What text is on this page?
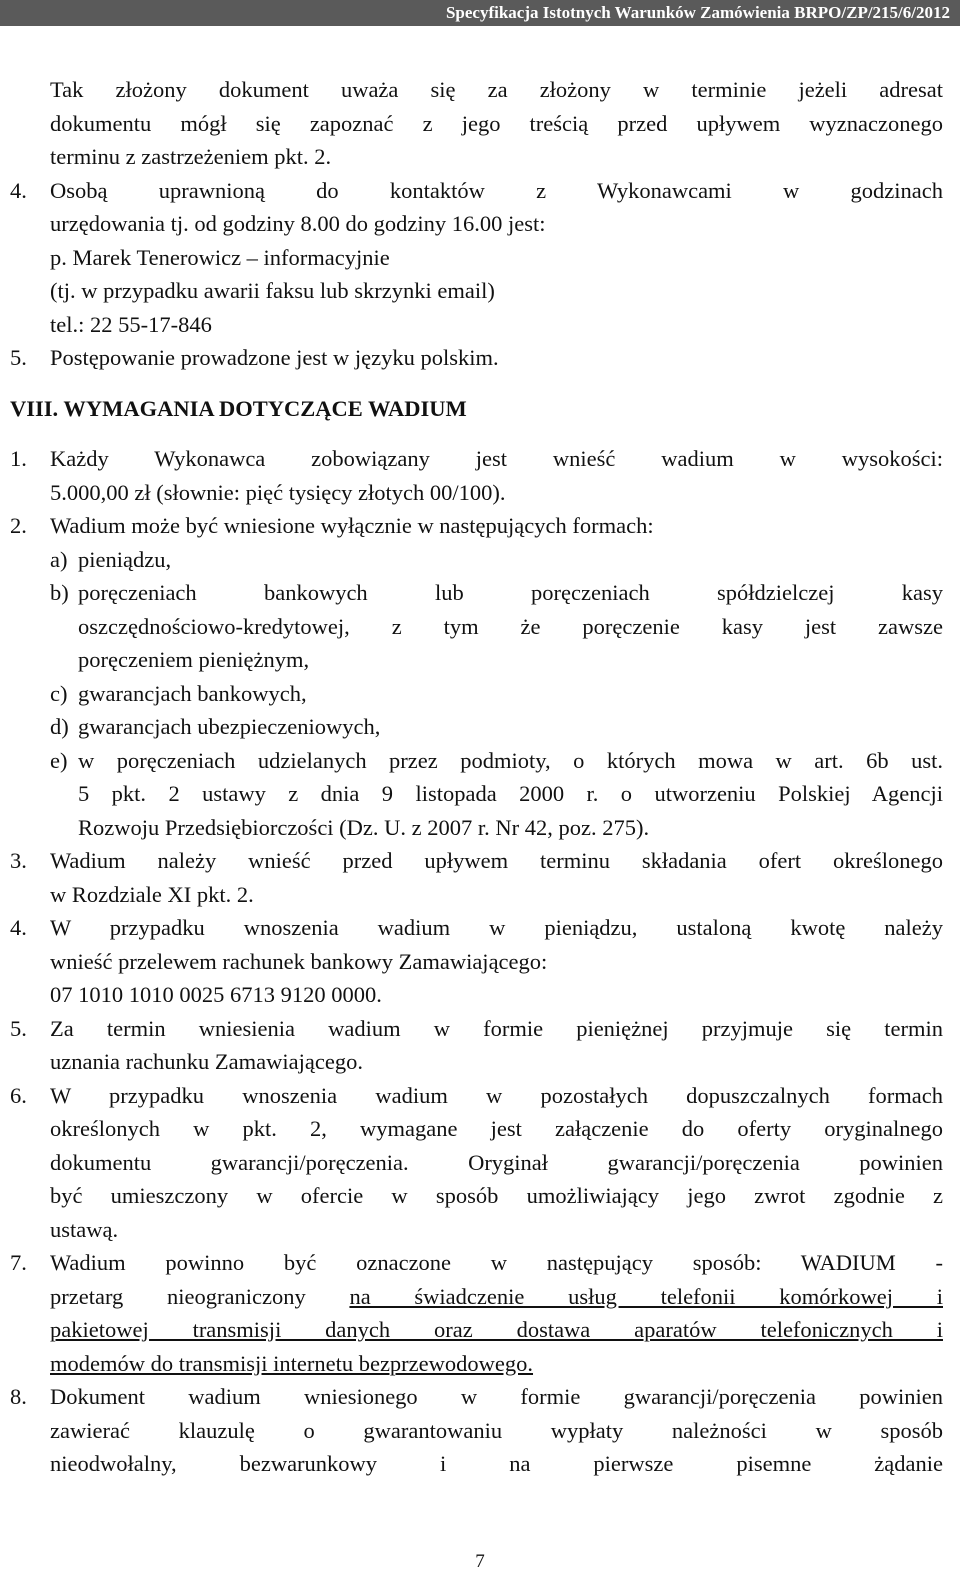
Specyfikacja Istotnych Warunków Zamówienia BRPO/ZP/215/6/2012
Tak złożony dokument uważa się za złożony w terminie jeżeli adresat
dokumentu mógł się zapoznać z jego treścią przed upływem wyznaczonego
terminu z zastrzeżeniem pkt. 2.
4. Osobą uprawnioną do kontaktów z Wykonawcami w godzinach
urzędowania tj. od godziny 8.00 do godziny 16.00 jest:
p. Marek Tenerowicz – informacyjnie
(tj. w przypadku awarii faksu lub skrzynki email)
tel.: 22 55-17-846
5. Postępowanie prowadzone jest w języku polskim.
VIII. WYMAGANIA DOTYCZĄCE WADIUM
1. Każdy Wykonawca zobowiązany jest wnieść wadium w wysokości:
5.000,00 zł (słownie: pięć tysięcy złotych 00/100).
2. Wadium może być wniesione wyłącznie w następujących formach:
a) pieniądzu,
b) poręczeniach bankowych lub poręczeniach spółdzielczej kasy
oszczędnościowo-kredytowej, z tym że poręczenie kasy jest zawsze
poręczeniem pieniężnym,
c) gwarancjach bankowych,
d) gwarancjach ubezpieczeniowych,
e) w poręczeniach udzielanych przez podmioty, o których mowa w art. 6b ust.
5 pkt. 2 ustawy z dnia 9 listopada 2000 r. o utworzeniu Polskiej Agencji
Rozwoju Przedsiębiorczości (Dz. U. z 2007 r. Nr 42, poz. 275).
3. Wadium należy wnieść przed upływem terminu składania ofert określonego
w Rozdziale XI pkt. 2.
4. W przypadku wnoszenia wadium w pieniądzu, ustaloną kwotę należy
wnieść przelewem rachunek bankowy Zamawiającego:
07 1010 1010 0025 6713 9120 0000.
5. Za termin wniesienia wadium w formie pieniężnej przyjmuje się termin
uznania rachunku Zamawiającego.
6. W przypadku wnoszenia wadium w pozostałych dopuszczalnych formach
określonych w pkt. 2, wymagane jest załączenie do oferty oryginalnego
dokumentu gwarancji/poręczenia. Oryginał gwarancji/poręczenia powinien
być umieszczony w ofercie w sposób umożliwiający jego zwrot zgodnie z
ustawą.
7. Wadium powinno być oznaczone w następujący sposób: WADIUM -
przetarg nieograniczony na świadczenie usług telefonii komórkowej i
pakietowej transmisji danych oraz dostawa aparatów telefonicznych i
modemów do transmisji internetu bezprzewodowego.
8. Dokument wadium wniesionego w formie gwarancji/poręczenia powinien
zawierać klauzulę o gwarantowaniu wypłaty należności w sposób
nieodwołalny, bezwarunkowy i na pierwsze pisemne żądanie
7
